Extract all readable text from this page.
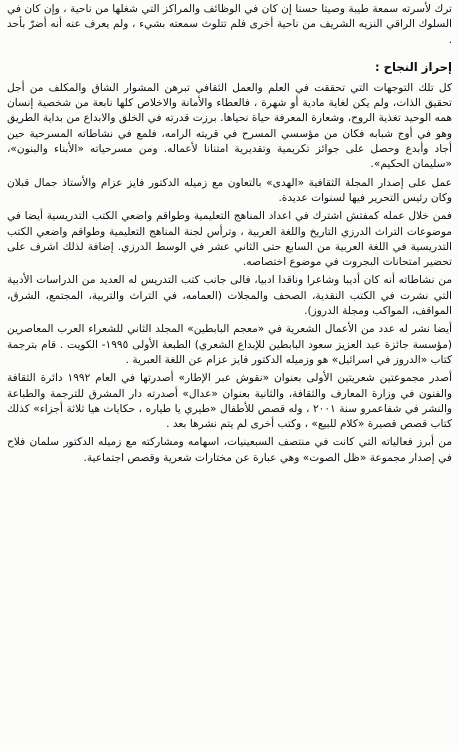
ترك لأسرته سمعة طيبة وصيتا حسنا إن كان في الوظائف والمراكز التي شغلها من ناحية ، وإن كان في السلوك الراقي النزيه الشريف من ناحية أخرى فلم تتلوث سمعته بشيء ، ولم يعرف عنه أنه أضرّ بأحد .

إحراز النجاح :

كل تلك التوجهات التي تحققت في العلم والعمل الثقافي تبرهن المشوار الشاق والمكلف من أجل تحقيق الذات، ولم يكن لغاية مادية أو شهرة ، فالعطاء والأمانة والاخلاص كلها نابعة من شخصية إنسان همه الوحيد تغذية الروح، وشعارة المعرفة حياة نحياها. برزت قدرته في الخلق والابداع من بداية الطريق وهو في أوج شبابه فكان من مؤسسي المسرح في قريته الرامه، فلمع في نشاطاته المسرحية حين أجاد وأبدع وحصل على جوائز تكريمية وتقديرية امتنانا لأعماله. ومن مسرحياته «الأبناء والبنون»، «سليمان الحكيم».

عمل على إصدار المجلة الثقافية «الهدى» بالتعاون مع زميله الدكتور فايز عزام والأستاذ جمال قبلان وكان رئيس التحرير فيها لسنوات عديدة.

فمن خلال عمله كمفتش اشترك في اعداد المناهج التعليمية وطواقم واضعي الكتب التدريسية أيضا في موضوعات التراث الدرزي التاريخ واللغة العربية ، وترأس لجنة المناهج التعليمية وطواقم واضعي الكتب التدريسية في اللغة العربية من السابع حتى الثاني عشر في الوسط الدرزي. إضافة لذلك اشرف على تحضير امتحانات البجروت في موضوع اختصاصه.

من نشاطاته أنه كان أديبا وشاعرا وناقدا ادبيا، فالى جانب كتب التدريس له العديد من الدراسات الأدبية التي نشرت في الكتب النقدية، الصحف والمجلات (العمامه، في التراث والتربية، المجتمع، الشرق، المواقف، المواكب ومجلة الدروز).

أيضا نشر له عدد من الأعمال الشعرية في «معجم البابطين» المجلد الثاني للشعراء العرب المعاصرين (مؤسسة جائزة عبد العزيز سعود البابطين للإبداع الشعري) الطبعة الأولى ١٩٩٥- الكويت . قام بترجمة كتاب «الدروز في اسرائيل» هو وزميله الدكتور فايز عزام عن اللغة العبرية .

أصدر مجموعتين شعريتين الأولى بعنوان «نقوش عبر الإطار» أصدرتها في العام ١٩٩٢ دائرة الثقافة والفنون في وزارة المعارف والثقافة، والثانية بعنوان «عدال» أصدرته دار المشرق للترجمة والطباعة والنشر في شفاعمرو سنة ٢٠٠١ ، وله قصص للأطفال «طيري يا طياره ، حكايات هيا ثلاثة أجزاء» كذلك كتاب قصص قصيرة «كلام للبيع» ، وكتب أخرى لم يتم نشرها بعد .

من أبرز فعالياته التي كانت في منتصف السبعينيات، اسهامه ومشاركته مع زميله الدكتور سلمان فلاح في إصدار مجموعة «ظل الصوت» وهي عبارة عن مختارات شعرية وقصص اجتماعية.
